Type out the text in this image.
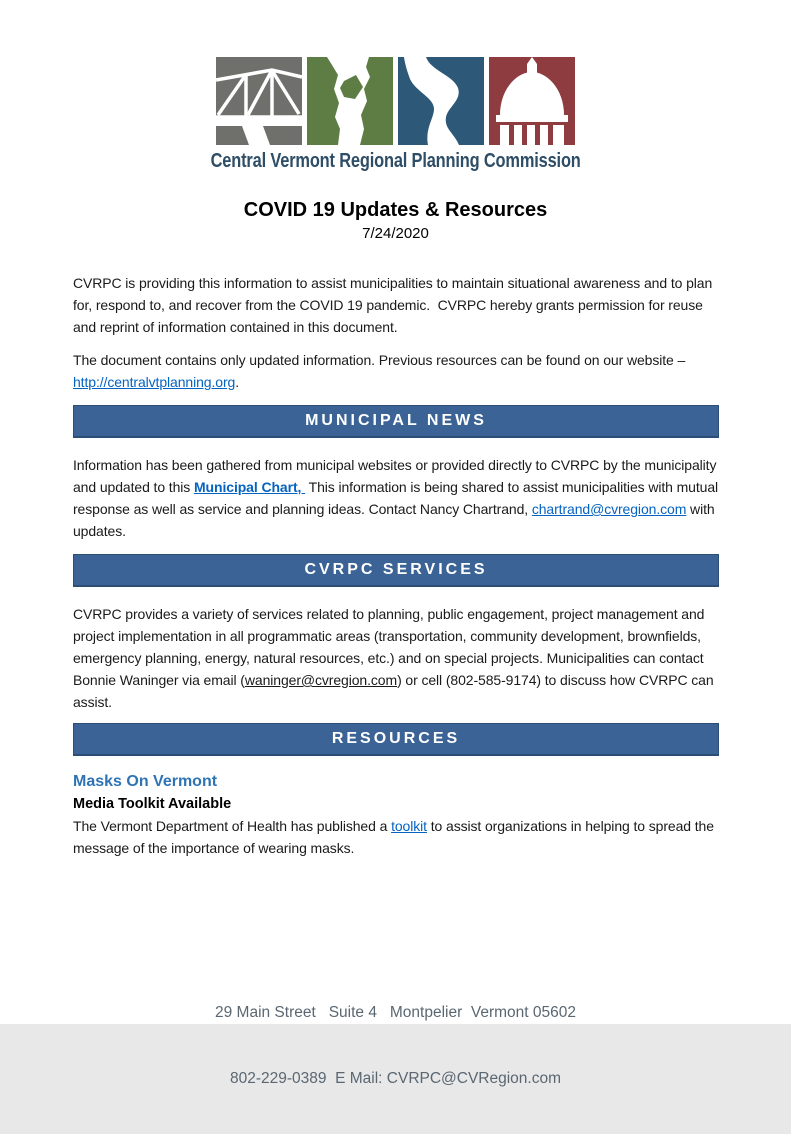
Central Vermont Regional Planning Commission
COVID 19 Updates & Resources
7/24/2020

CVRPC is providing this information to assist municipalities to maintain situational awareness and to plan for, respond to, and recover from the COVID 19 pandemic.  CVRPC hereby grants permission for reuse and reprint of information contained in this document.

The document contains only updated information. Previous resources can be found on our website – http://centralvtplanning.org.

MUNICIPAL NEWS

Information has been gathered from municipal websites or provided directly to CVRPC by the municipality and updated to this Municipal Chart,  This information is being shared to assist municipalities with mutual response as well as service and planning ideas. Contact Nancy Chartrand, chartrand@cvregion.com with updates.

CVRPC SERVICES

CVRPC provides a variety of services related to planning, public engagement, project management and project implementation in all programmatic areas (transportation, community development, brownfields, emergency planning, energy, natural resources, etc.) and on special projects. Municipalities can contact Bonnie Waninger via email (waninger@cvregion.com) or cell (802-585-9174) to discuss how CVRPC can assist.

RESOURCES
Masks On Vermont
Media Toolkit Available

The Vermont Department of Health has published a toolkit to assist organizations in helping to spread the message of the importance of wearing masks.

29 Main Street   Suite 4   Montpelier  Vermont 05602

802-229-0389  E Mail: CVRPC@CVRegion.com
